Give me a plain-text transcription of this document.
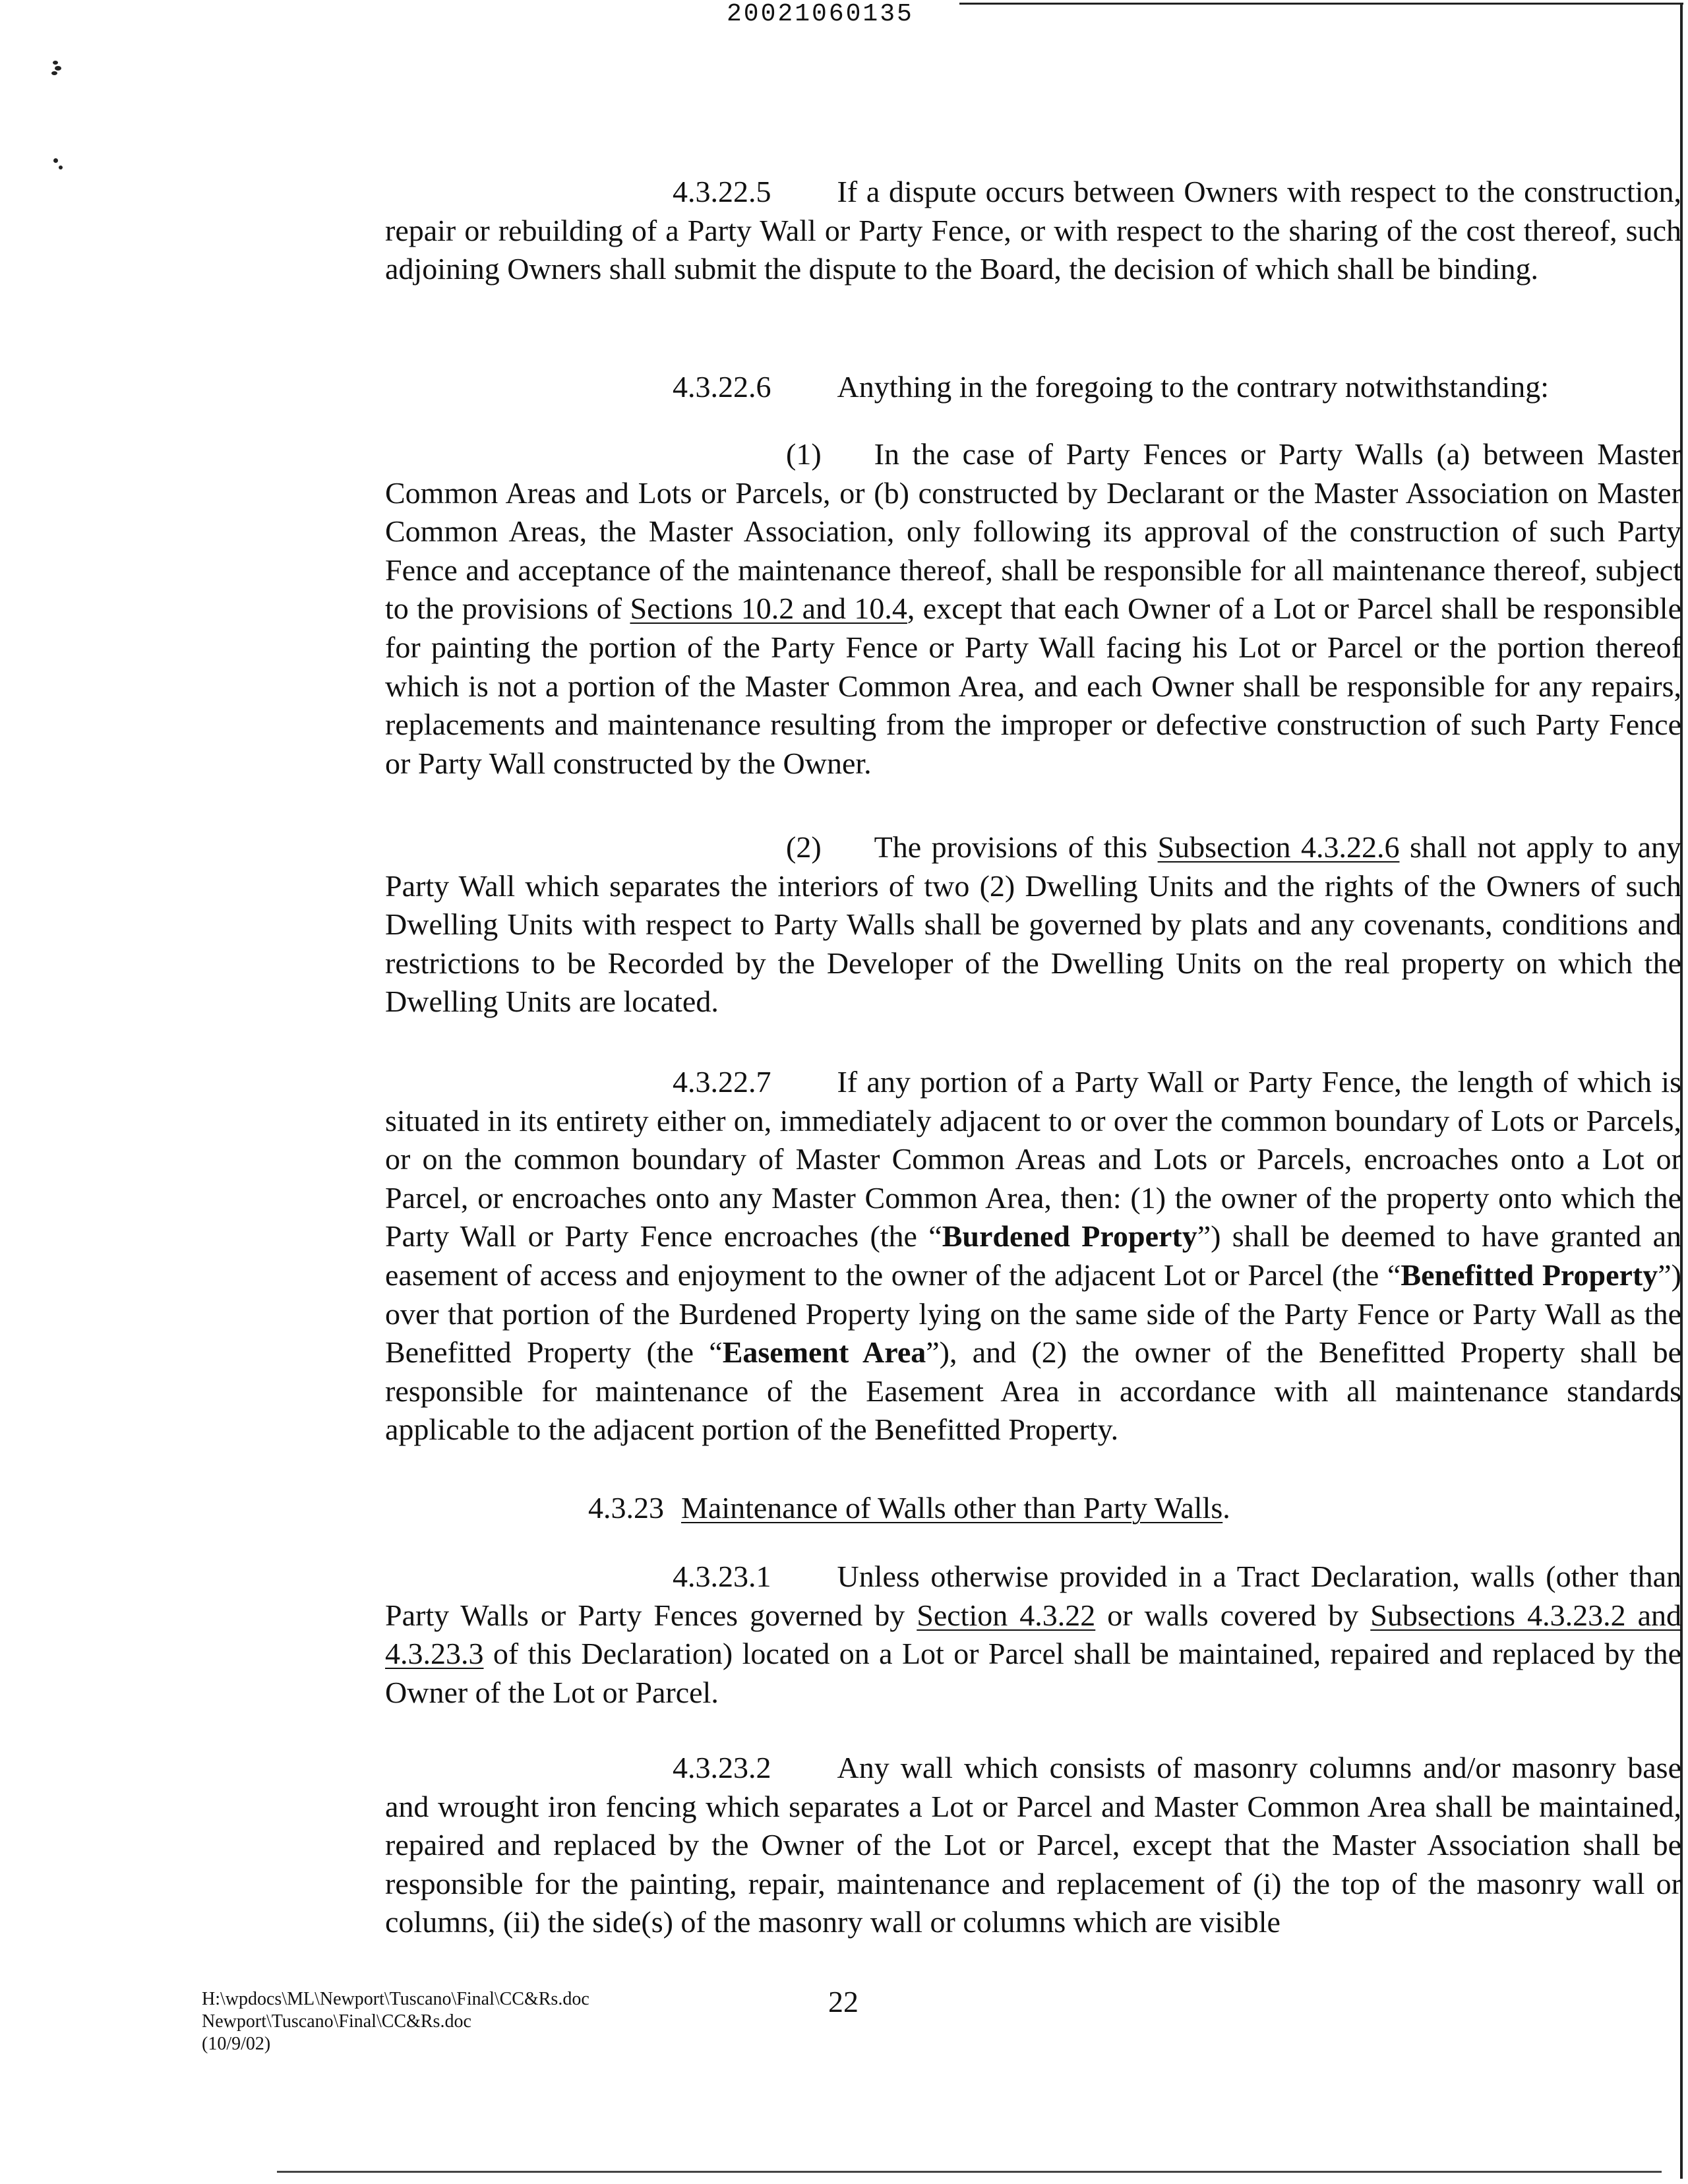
20021060135

4.3.22.5 If a dispute occurs between Owners with respect to the construction, repair or rebuilding of a Party Wall or Party Fence, or with respect to the sharing of the cost thereof, such adjoining Owners shall submit the dispute to the Board, the decision of which shall be binding.

4.3.22.6 Anything in the foregoing to the contrary notwithstanding:

(1) In the case of Party Fences or Party Walls (a) between Master Common Areas and Lots or Parcels, or (b) constructed by Declarant or the Master Association on Master Common Areas, the Master Association, only following its approval of the construction of such Party Fence and acceptance of the maintenance thereof, shall be responsible for all maintenance thereof, subject to the provisions of Sections 10.2 and 10.4, except that each Owner of a Lot or Parcel shall be responsible for painting the portion of the Party Fence or Party Wall facing his Lot or Parcel or the portion thereof which is not a portion of the Master Common Area, and each Owner shall be responsible for any repairs, replacements and maintenance resulting from the improper or defective construction of such Party Fence or Party Wall constructed by the Owner.

(2) The provisions of this Subsection 4.3.22.6 shall not apply to any Party Wall which separates the interiors of two (2) Dwelling Units and the rights of the Owners of such Dwelling Units with respect to Party Walls shall be governed by plats and any covenants, conditions and restrictions to be Recorded by the Developer of the Dwelling Units on the real property on which the Dwelling Units are located.

4.3.22.7 If any portion of a Party Wall or Party Fence, the length of which is situated in its entirety either on, immediately adjacent to or over the common boundary of Lots or Parcels, or on the common boundary of Master Common Areas and Lots or Parcels, encroaches onto a Lot or Parcel, or encroaches onto any Master Common Area, then: (1) the owner of the property onto which the Party Wall or Party Fence encroaches (the “Burdened Property”) shall be deemed to have granted an easement of access and enjoyment to the owner of the adjacent Lot or Parcel (the “Benefitted Property”) over that portion of the Burdened Property lying on the same side of the Party Fence or Party Wall as the Benefitted Property (the “Easement Area”), and (2) the owner of the Benefitted Property shall be responsible for maintenance of the Easement Area in accordance with all maintenance standards applicable to the adjacent portion of the Benefitted Property.

4.3.23 Maintenance of Walls other than Party Walls.

4.3.23.1 Unless otherwise provided in a Tract Declaration, walls (other than Party Walls or Party Fences governed by Section 4.3.22 or walls covered by Subsections 4.3.23.2 and 4.3.23.3 of this Declaration) located on a Lot or Parcel shall be maintained, repaired and replaced by the Owner of the Lot or Parcel.

4.3.23.2 Any wall which consists of masonry columns and/or masonry base and wrought iron fencing which separates a Lot or Parcel and Master Common Area shall be maintained, repaired and replaced by the Owner of the Lot or Parcel, except that the Master Association shall be responsible for the painting, repair, maintenance and replacement of (i) the top of the masonry wall or columns, (ii) the side(s) of the masonry wall or columns which are visible

H:\wpdocs\ML\Newport\Tuscano\Final\CC&Rs.doc
Newport\Tuscano\Final\CC&Rs.doc
(10/9/02)
22
